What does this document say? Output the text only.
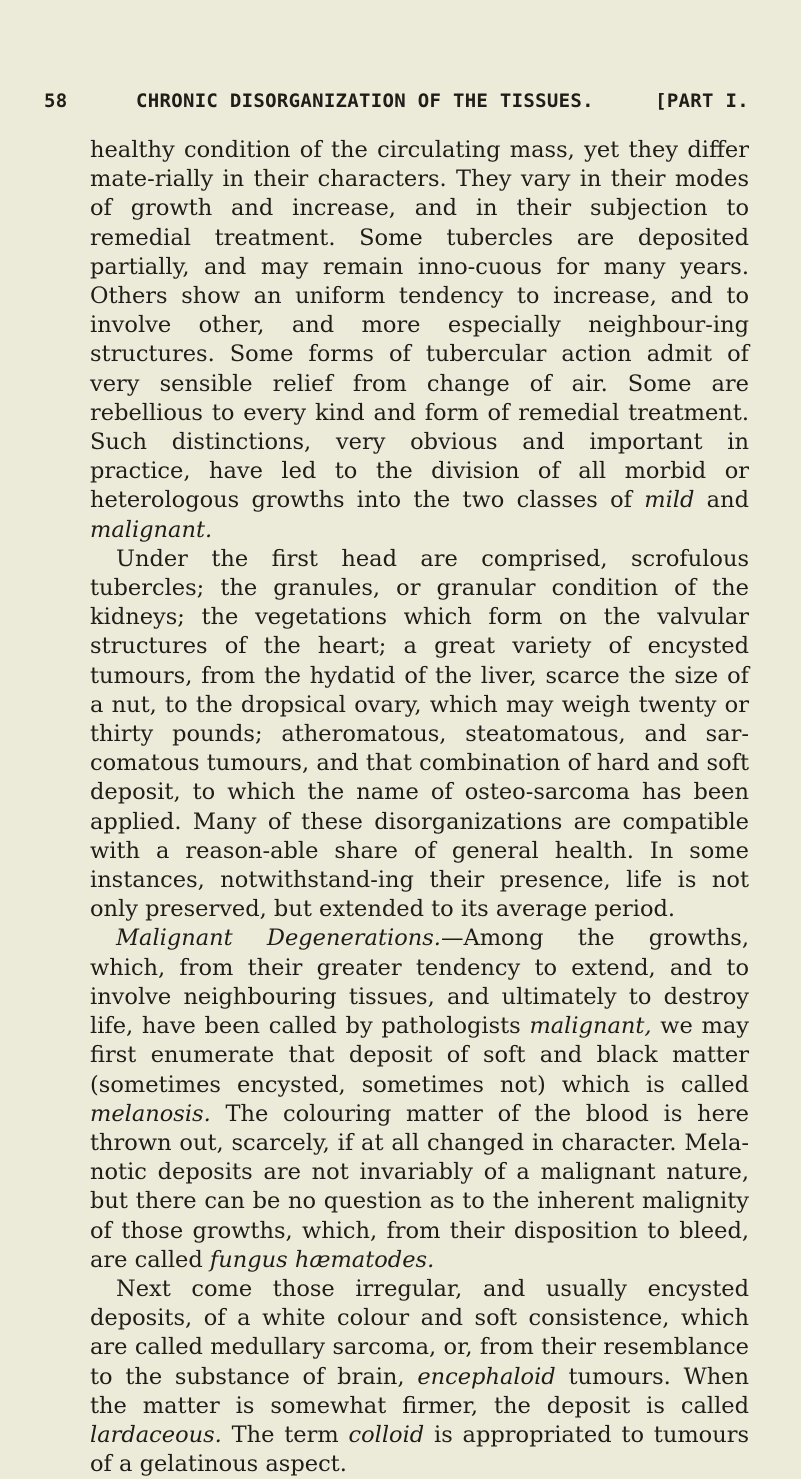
58	CHRONIC DISORGANIZATION OF THE TISSUES.	[PART I.

healthy condition of the circulating mass, yet they differ mate-rially in their characters. They vary in their modes of growth and increase, and in their subjection to remedial treatment. Some tubercles are deposited partially, and may remain inno-cuous for many years. Others show an uniform tendency to increase, and to involve other, and more especially neighbour-ing structures. Some forms of tubercular action admit of very sensible relief from change of air. Some are rebellious to every kind and form of remedial treatment. Such distinctions, very obvious and important in practice, have led to the division of all morbid or heterologous growths into the two classes of mild and malignant.

Under the first head are comprised, scrofulous tubercles; the granules, or granular condition of the kidneys; the vegetations which form on the valvular structures of the heart; a great variety of encysted tumours, from the hydatid of the liver, scarce the size of a nut, to the dropsical ovary, which may weigh twenty or thirty pounds; atheromatous, steatomatous, and sar-comatous tumours, and that combination of hard and soft deposit, to which the name of osteo-sarcoma has been applied. Many of these disorganizations are compatible with a reason-able share of general health. In some instances, notwithstand-ing their presence, life is not only preserved, but extended to its average period.

Malignant Degenerations.—Among the growths, which, from their greater tendency to extend, and to involve neighbouring tissues, and ultimately to destroy life, have been called by pathologists malignant, we may first enumerate that deposit of soft and black matter (sometimes encysted, sometimes not) which is called melanosis. The colouring matter of the blood is here thrown out, scarcely, if at all changed in character. Mela-notic deposits are not invariably of a malignant nature, but there can be no question as to the inherent malignity of those growths, which, from their disposition to bleed, are called fungus hæmatodes.

Next come those irregular, and usually encysted deposits, of a white colour and soft consistence, which are called medullary sarcoma, or, from their resemblance to the substance of brain, encephaloid tumours. When the matter is somewhat firmer, the deposit is called lardaceous. The term colloid is appropriated to tumours of a gelatinous aspect.
